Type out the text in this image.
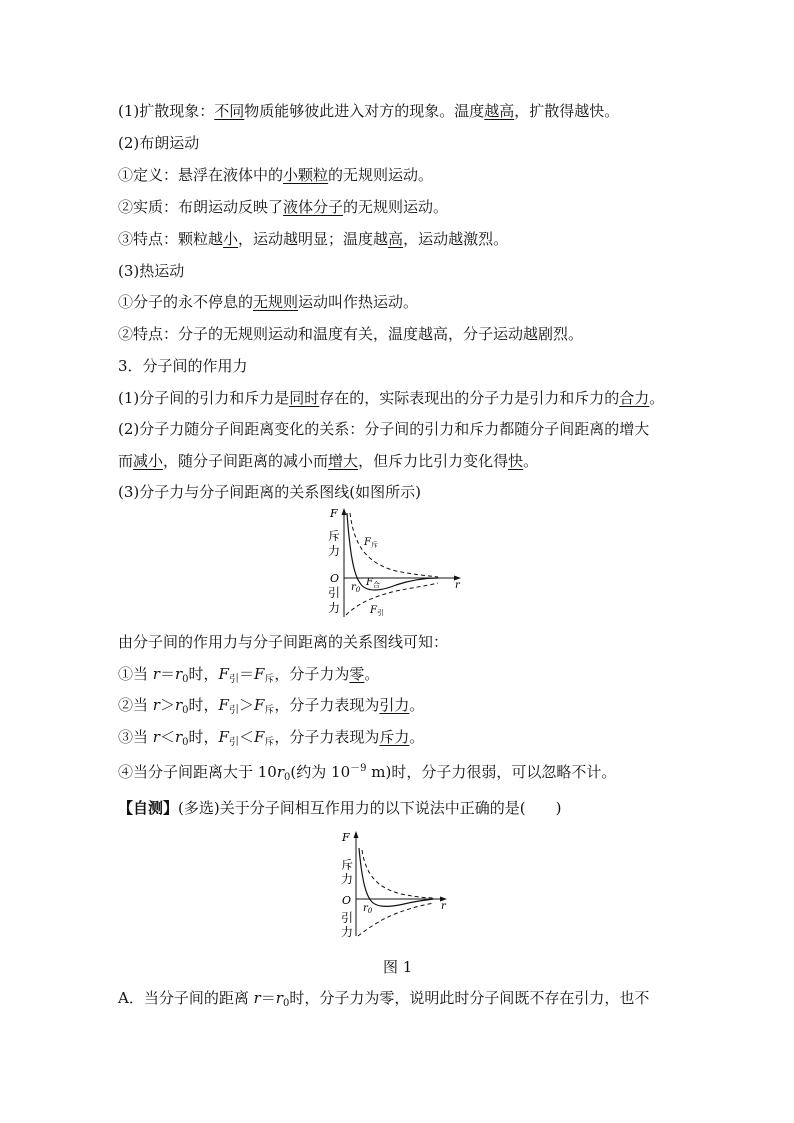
(1)扩散现象：不同物质能够彼此进入对方的现象。温度越高，扩散得越快。
(2)布朗运动
①定义：悬浮在液体中的小颗粒的无规则运动。
②实质：布朗运动反映了液体分子的无规则运动。
③特点：颗粒越小，运动越明显；温度越高，运动越激烈。
(3)热运动
①分子的永不停息的无规则运动叫作热运动。
②特点：分子的无规则运动和温度有关，温度越高，分子运动越剧烈。
3．分子间的作用力
(1)分子间的引力和斥力是同时存在的，实际表现出的分子力是引力和斥力的合力。
(2)分子力随分子间距离变化的关系：分子间的引力和斥力都随分子间距离的增大
而减小，随分子间距离的减小而增大，但斥力比引力变化得快。
(3)分子力与分子间距离的关系图线(如图所示)
F
斥
力
O
引
力
$r_0$	r
$F_斥$
$F_合$
$F_引$
由分子间的作用力与分子间距离的关系图线可知：
①当 $r=r_0$时，$F_引=F_斥$，分子力为零。
②当 $r>r_0$时，$F_引>F_斥$，分子力表现为引力。
③当 $r<r_0$时，$F_引<F_斥$，分子力表现为斥力。
④当分子间距离大于 $10r_0$(约为 $10^{-9}$ m)时，分子力很弱，可以忽略不计。
【自测】(多选)关于分子间相互作用力的以下说法中正确的是(　　)
F
斥
力
O
引
力
$r_0$	r
图 1
A．当分子间的距离 $r=r_0$时，分子力为零，说明此时分子间既不存在引力，也不
